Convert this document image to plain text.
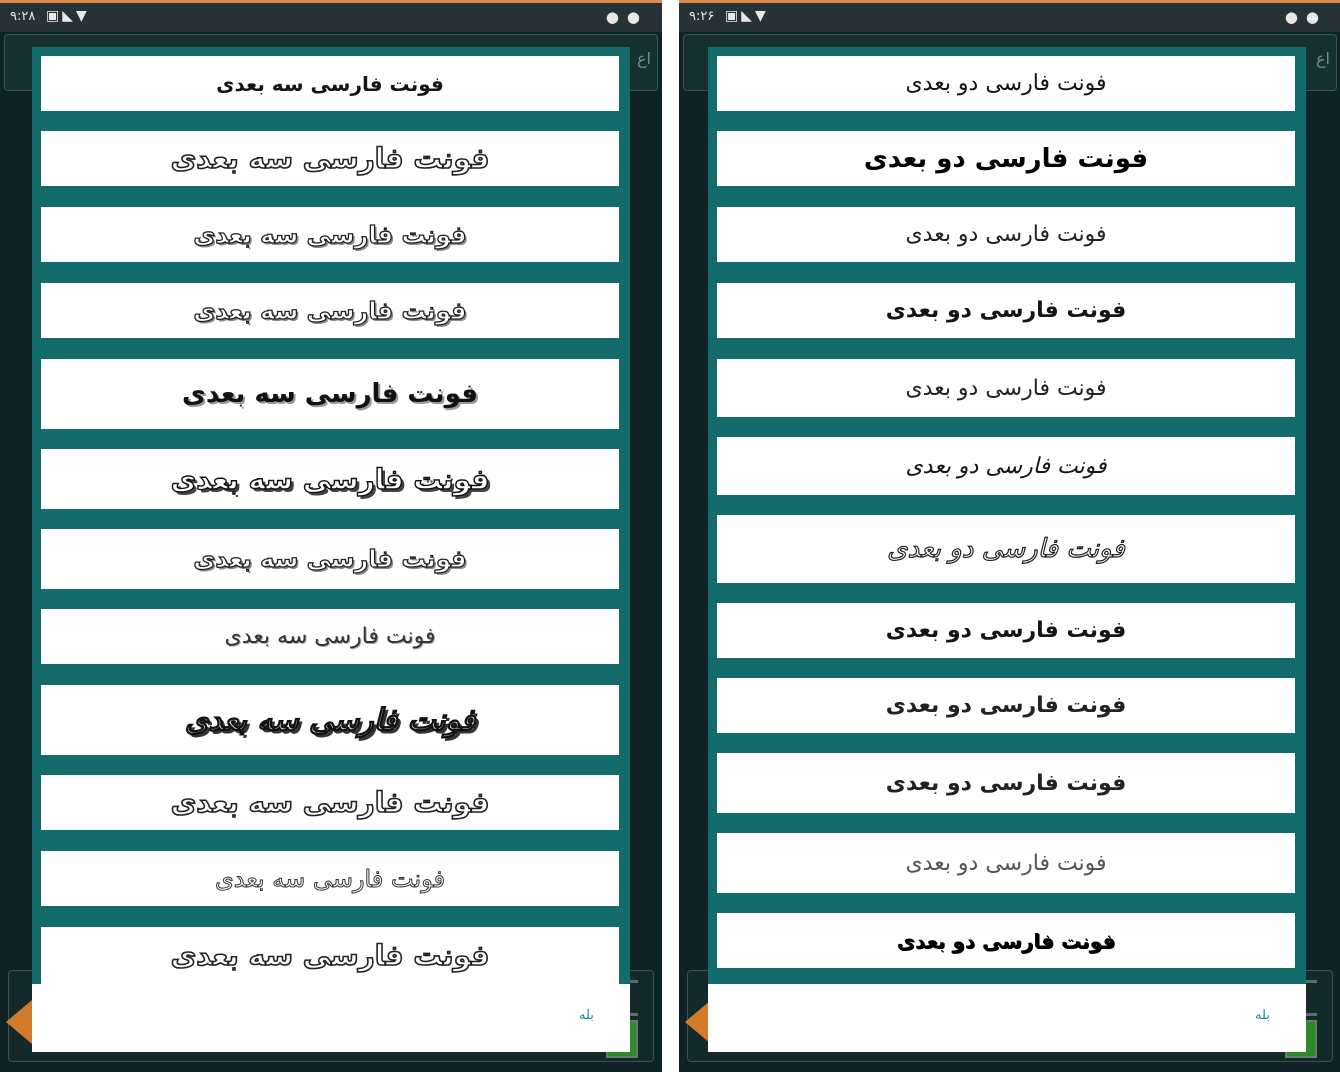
۹:۲۸ ▣◣▼	●●
اع
فونت فارسی سه بعدی
فونت فارسی سه بعدی
فونت فارسی سه بعدی
فونت فارسی سه بعدی
فونت فارسی سه بعدی
فونت فارسی سه بعدی
فونت فارسی سه بعدی
فونت فارسی سه بعدی
فونت فارسی سه بعدی
فونت فارسی سه بعدی
فونت فارسی سه بعدی
فونت فارسی سه بعدی
بله
۹:۲۶ ▣◣▼	●●
اع
فونت فارسی دو بعدی
فونت فارسی دو بعدی
فونت فارسی دو بعدی
فونت فارسی دو بعدی
فونت فارسی دو بعدی
فونت فارسی دو بعدی
فونت فارسی دو بعدی
فونت فارسی دو بعدی
فونت فارسی دو بعدی
فونت فارسی دو بعدی
فونت فارسی دو بعدی
فونت فارسی دو بعدی
بله
